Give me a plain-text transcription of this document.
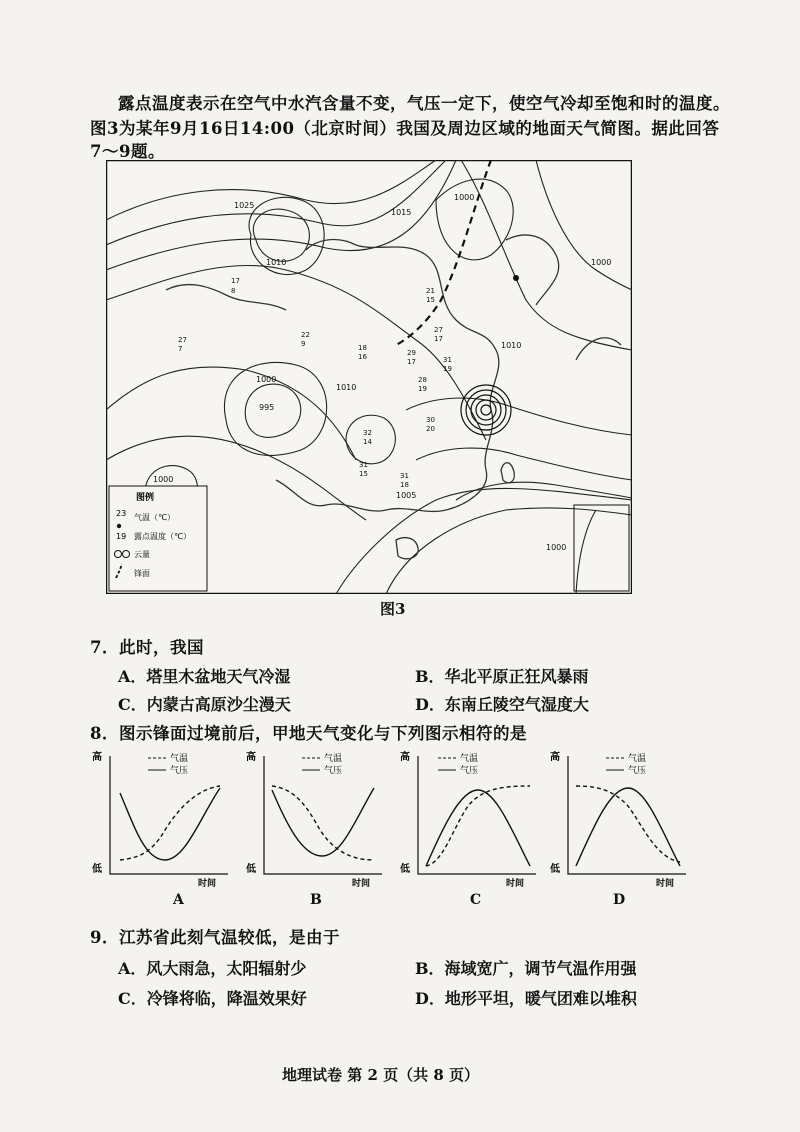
露点温度表示在空气中水汽含量不变，气压一定下，使空气冷却至饱和时的温度。
图3为某年9月16日14:00（北京时间）我国及周边区域的地面天气简图。据此回答
7～9题。
1025
1010
1015
1000
1010
1000
995
1010
1000
1005
1000
1000
17
8
27
7
22
9
21
15
18
16	29
17
27
17
31
19
28
19
30
20
32
14
31
15	31
18
图例
23 气温（℃）
19 露点温度（℃）
云量
锋面
图3
7．此时，我国
A．塔里木盆地天气冷湿	B．华北平原正狂风暴雨
C．内蒙古高原沙尘漫天	D．东南丘陵空气湿度大
8．图示锋面过境前后，甲地天气变化与下列图示相符的是
高
低
时间
气温
气压
A
高
低
时间
气温
气压
B
高
低
时间
气温
气压
C
高
低
时间
气温
气压
D
9．江苏省此刻气温较低，是由于
A．风大雨急，太阳辐射少	B．海域宽广，调节气温作用强
C．冷锋将临，降温效果好	D．地形平坦，暖气团难以堆积
地理试卷 第 2 页（共 8 页）
